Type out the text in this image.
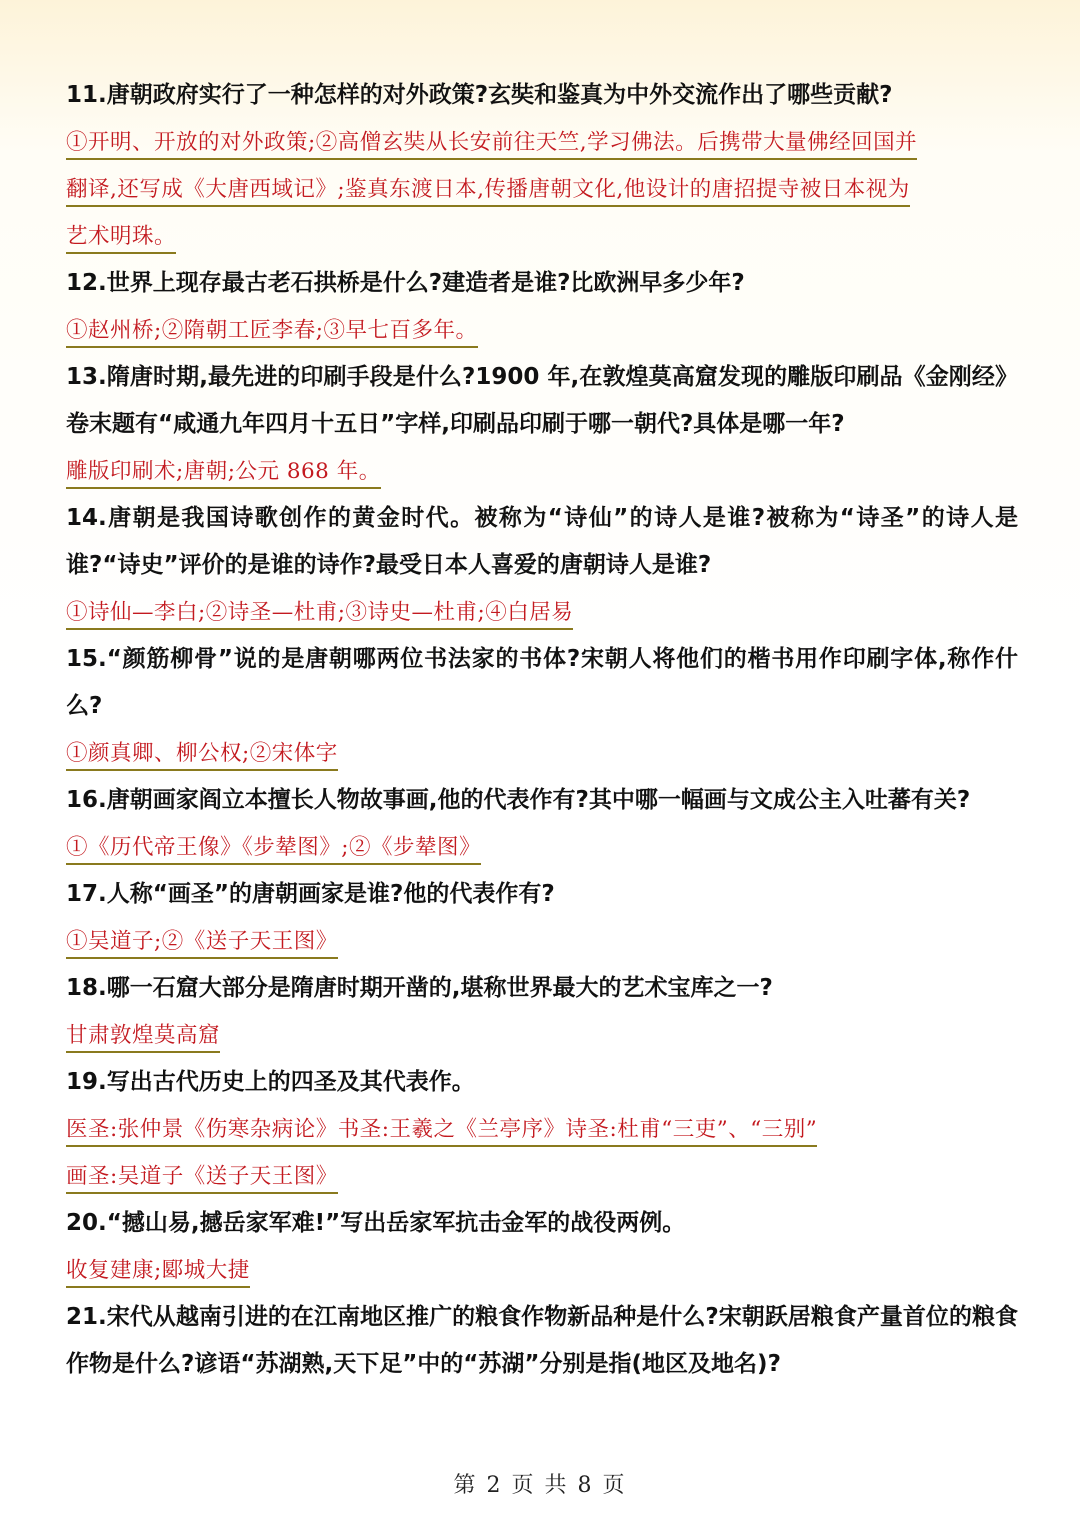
11.唐朝政府实行了一种怎样的对外政策?玄奘和鉴真为中外交流作出了哪些贡献?

①开明、开放的对外政策;②高僧玄奘从长安前往天竺,学习佛法。后携带大量佛经回国并

翻译,还写成《大唐西域记》;鉴真东渡日本,传播唐朝文化,他设计的唐招提寺被日本视为

艺术明珠。

12.世界上现存最古老石拱桥是什么?建造者是谁?比欧洲早多少年?

①赵州桥;②隋朝工匠李春;③早七百多年。

13.隋唐时期,最先进的印刷手段是什么?1900 年,在敦煌莫高窟发现的雕版印刷品《金刚经》卷末题有“咸通九年四月十五日”字样,印刷品印刷于哪一朝代?具体是哪一年?

雕版印刷术;唐朝;公元 868 年。

14.唐朝是我国诗歌创作的黄金时代。被称为“诗仙”的诗人是谁?被称为“诗圣”的诗人是谁?“诗史”评价的是谁的诗作?最受日本人喜爱的唐朝诗人是谁?

①诗仙—李白;②诗圣—杜甫;③诗史—杜甫;④白居易

15.“颜筋柳骨”说的是唐朝哪两位书法家的书体?宋朝人将他们的楷书用作印刷字体,称作什么?

①颜真卿、柳公权;②宋体字

16.唐朝画家阎立本擅长人物故事画,他的代表作有?其中哪一幅画与文成公主入吐蕃有关?

①《历代帝王像》《步辇图》;②《步辇图》

17.人称“画圣”的唐朝画家是谁?他的代表作有?

①吴道子;②《送子天王图》

18.哪一石窟大部分是隋唐时期开凿的,堪称世界最大的艺术宝库之一?

甘肃敦煌莫高窟

19.写出古代历史上的四圣及其代表作。

医圣:张仲景《伤寒杂病论》书圣:王羲之《兰亭序》诗圣:杜甫“三吏”、“三别”

画圣:吴道子《送子天王图》

20.“撼山易,撼岳家军难!”写出岳家军抗击金军的战役两例。

收复建康;郾城大捷

21.宋代从越南引进的在江南地区推广的粮食作物新品种是什么?宋朝跃居粮食产量首位的粮食作物是什么?谚语“苏湖熟,天下足”中的“苏湖”分别是指(地区及地名)?

第 2 页 共 8 页
